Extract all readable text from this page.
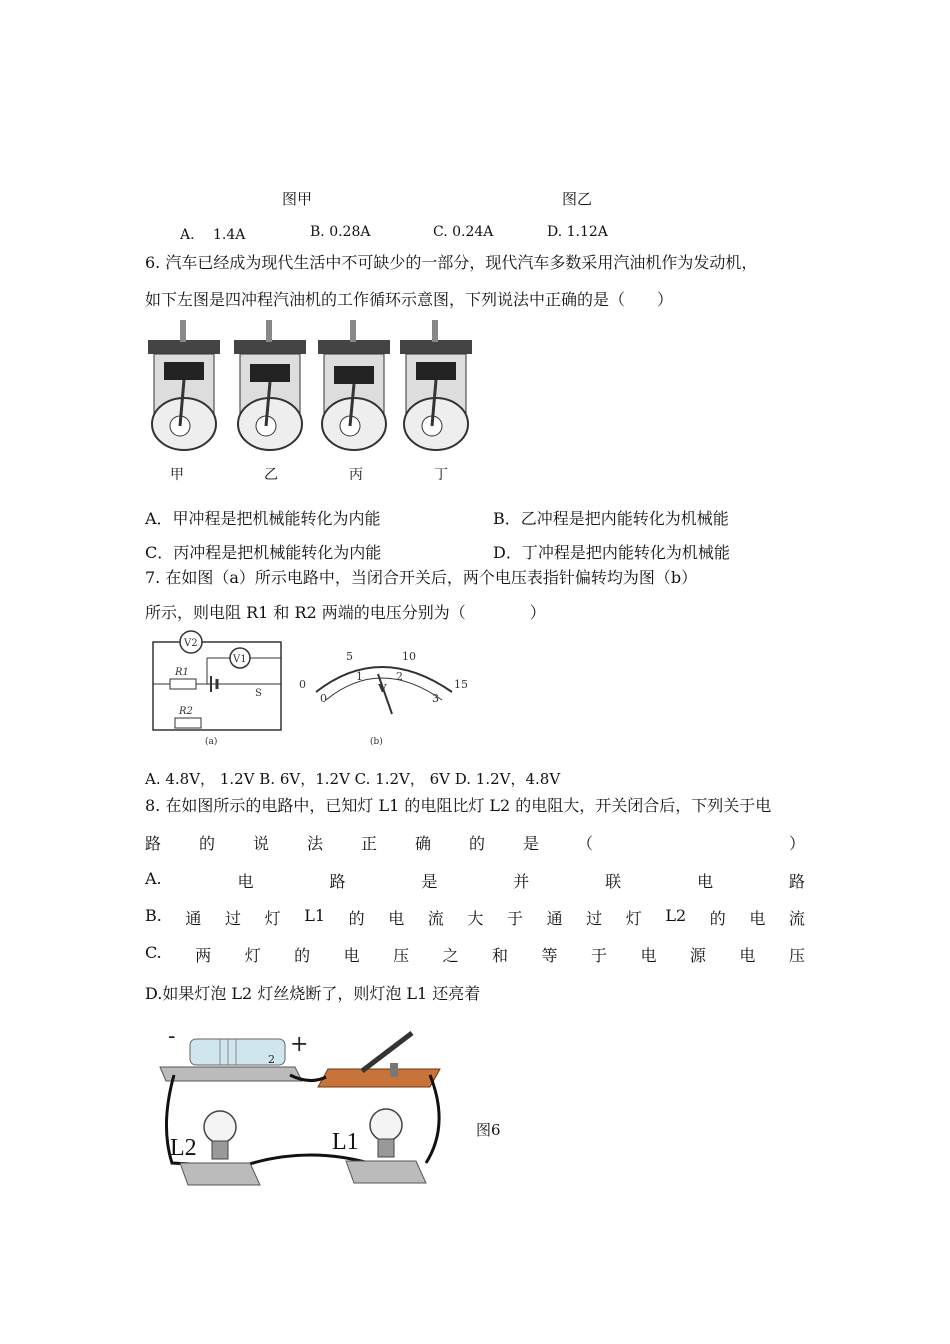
图甲	图乙
A.　 1.4A	B. 0.28A	C. 0.24A	D. 1.12A
6. 汽车已经成为现代生活中不可缺少的一部分，现代汽车多数采用汽油机作为发动机，
如下左图是四冲程汽油机的工作循环示意图，下列说法中正确的是（　　）
甲	乙	丙	丁
A．甲冲程是把机械能转化为内能	B．乙冲程是把内能转化为机械能
C．丙冲程是把机械能转化为内能	D．丁冲程是把内能转化为机械能
7. 在如图（a）所示电路中，当闭合开关后，两个电压表指针偏转均为图（b）
所示，则电阻 R1 和 R2 两端的电压分别为（　　　　）
V2
V1
R1
S
R2
(a)
0
5	10
15
0
1	2
3
V
(b)
A. 4.8V， 1.2V B. 6V，1.2V C. 1.2V， 6V D. 1.2V，4.8V
8. 在如图所示的电路中，已知灯 L1 的电阻比灯 L2 的电阻大，开关闭合后，下列关于电
路 的 说 法 正 确 的 是 （	）
A.	电	路	是	并	联	电	路
B. 通 过 灯 L1 的 电 流 大 于 通 过 灯 L2 的 电 流
C. 两 灯 的 电 压 之 和 等 于 电 源 电 压
D.如果灯泡 L2 灯丝烧断了，则灯泡 L1 还亮着
-	+
2
L2	L1	图6
